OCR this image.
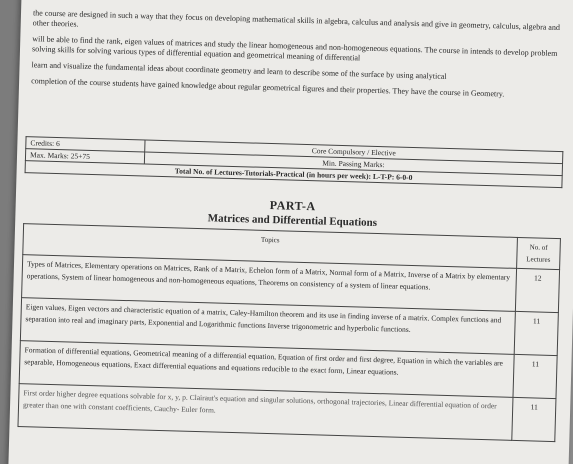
the course are designed in such a way that they focus on developing mathematical skills in algebra, calculus and analysis and give in geometry, calculus, algebra and other theories.

will be able to find the rank, eigen values of matrices and study the linear homogeneous and non-homogeneous equations. The course in intends to develop problem solving skills for solving various types of differential equation and geometrical meaning of differential

learn and visualize the fundamental ideas about coordinate geometry and learn to describe some of the surface by using analytical

completion of the course students have gained knowledge about regular geometrical figures and their properties. They have the course in Geometry.

Credits: 6	Core Compulsory / Elective
Max. Marks: 25+75	Min. Passing Marks:
Total No. of Lectures-Tutorials-Practical (in hours per week): L-T-P: 6-0-0	
PART-A
Matrices and Differential Equations
Topics	No. of Lectures
Types of Matrices, Elementary operations on Matrices, Rank of a Matrix, Echelon form of a Matrix, Normal form of a Matrix, Inverse of a Matrix by elementary operations, System of linear homogeneous and non-homogeneous equations, Theorems on consistency of a system of linear equations.	12
Eigen values, Eigen vectors and characteristic equation of a matrix, Caley-Hamilton theorem and its use in finding inverse of a matrix. Complex functions and separation into real and imaginary parts, Exponential and Logarithmic functions Inverse trigonometric and hyperbolic functions.	11
Formation of differential equations, Geometrical meaning of a differential equation, Equation of first order and first degree, Equation in which the variables are separable, Homogeneous equations, Exact differential equations and equations reducible to the exact form, Linear equations.	11
First order higher degree equations solvable for x, y, p. Clairaut's equation and singular solutions, orthogonal trajectories, Linear differential equation of order greater than one with constant coefficients, Cauchy- Euler form.	11
